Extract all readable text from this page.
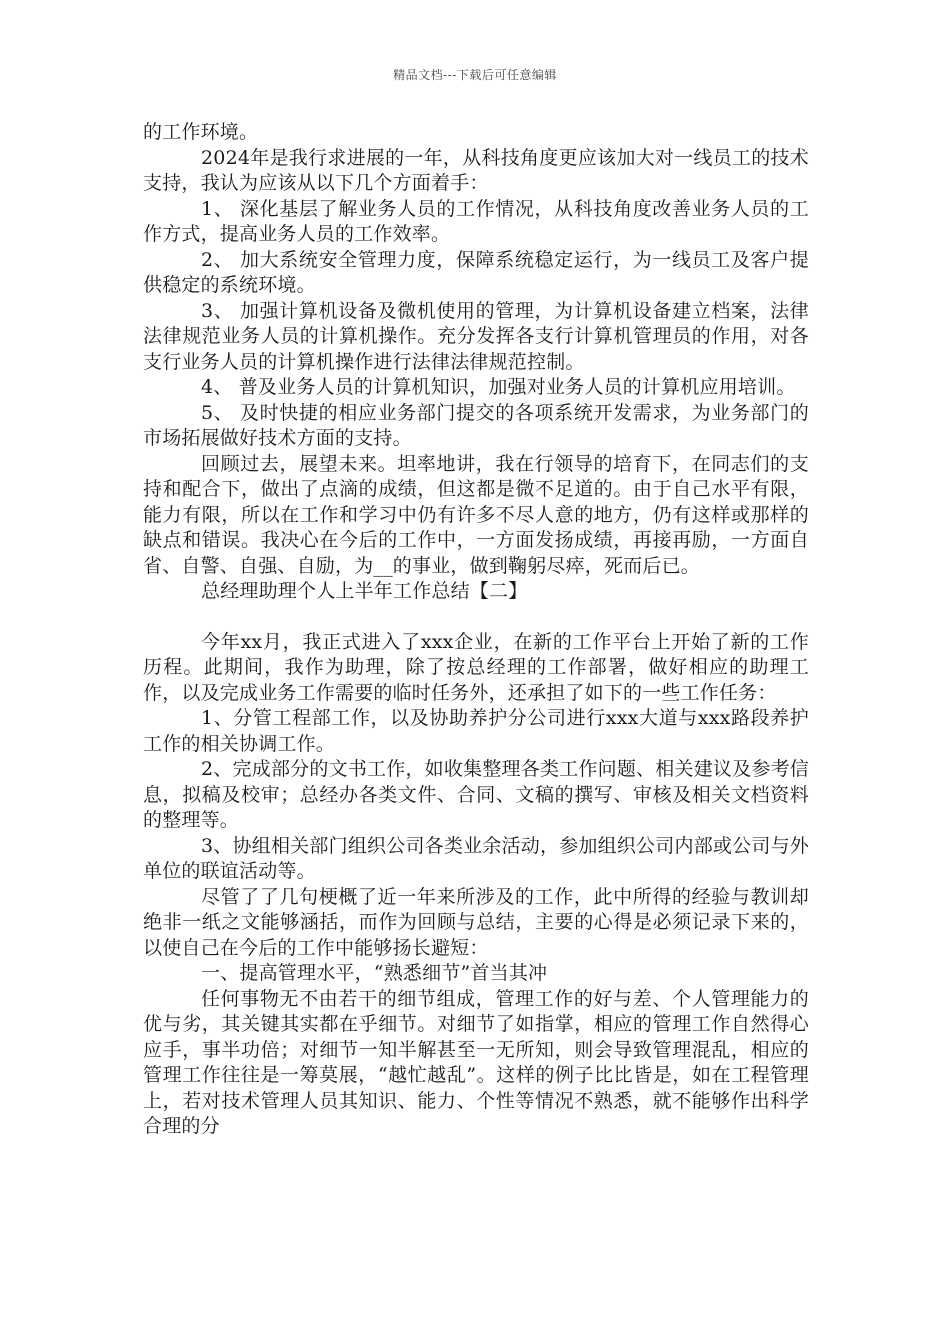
精品文档---下载后可任意编辑

的工作环境。

2024年是我行求进展的一年，从科技角度更应该加大对一线员工的技术支持，我认为应该从以下几个方面着手：

1、 深化基层了解业务人员的工作情况，从科技角度改善业务人员的工作方式，提高业务人员的工作效率。

2、 加大系统安全管理力度，保障系统稳定运行，为一线员工及客户提供稳定的系统环境。

3、 加强计算机设备及微机使用的管理，为计算机设备建立档案，法律法律规范业务人员的计算机操作。充分发挥各支行计算机管理员的作用，对各支行业务人员的计算机操作进行法律法律规范控制。

4、 普及业务人员的计算机知识，加强对业务人员的计算机应用培训。

5、 及时快捷的相应业务部门提交的各项系统开发需求，为业务部门的市场拓展做好技术方面的支持。

回顾过去，展望未来。坦率地讲，我在行领导的培育下，在同志们的支持和配合下，做出了点滴的成绩，但这都是微不足道的。由于自己水平有限，能力有限，所以在工作和学习中仍有许多不尽人意的地方，仍有这样或那样的缺点和错误。我决心在今后的工作中，一方面发扬成绩，再接再励，一方面自省、自警、自强、自励，为__的事业，做到鞠躬尽瘁，死而后已。

总经理助理个人上半年工作总结【二】

今年xx月，我正式进入了xxx企业，在新的工作平台上开始了新的工作历程。此期间，我作为助理，除了按总经理的工作部署，做好相应的助理工作，以及完成业务工作需要的临时任务外，还承担了如下的一些工作任务：

1、分管工程部工作，以及协助养护分公司进行xxx大道与xxx路段养护工作的相关协调工作。

2、完成部分的文书工作，如收集整理各类工作问题、相关建议及参考信息，拟稿及校审；总经办各类文件、合同、文稿的撰写、审核及相关文档资料的整理等。

3、协组相关部门组织公司各类业余活动，参加组织公司内部或公司与外单位的联谊活动等。

尽管了了几句梗概了近一年来所涉及的工作，此中所得的经验与教训却绝非一纸之文能够涵括，而作为回顾与总结，主要的心得是必须记录下来的，以使自己在今后的工作中能够扬长避短：

一、提高管理水平，“熟悉细节”首当其冲

任何事物无不由若干的细节组成，管理工作的好与差、个人管理能力的优与劣，其关键其实都在乎细节。对细节了如指掌，相应的管理工作自然得心应手，事半功倍；对细节一知半解甚至一无所知，则会导致管理混乱，相应的管理工作往往是一筹莫展，“越忙越乱”。这样的例子比比皆是，如在工程管理上，若对技术管理人员其知识、能力、个性等情况不熟悉，就不能够作出科学合理的分
